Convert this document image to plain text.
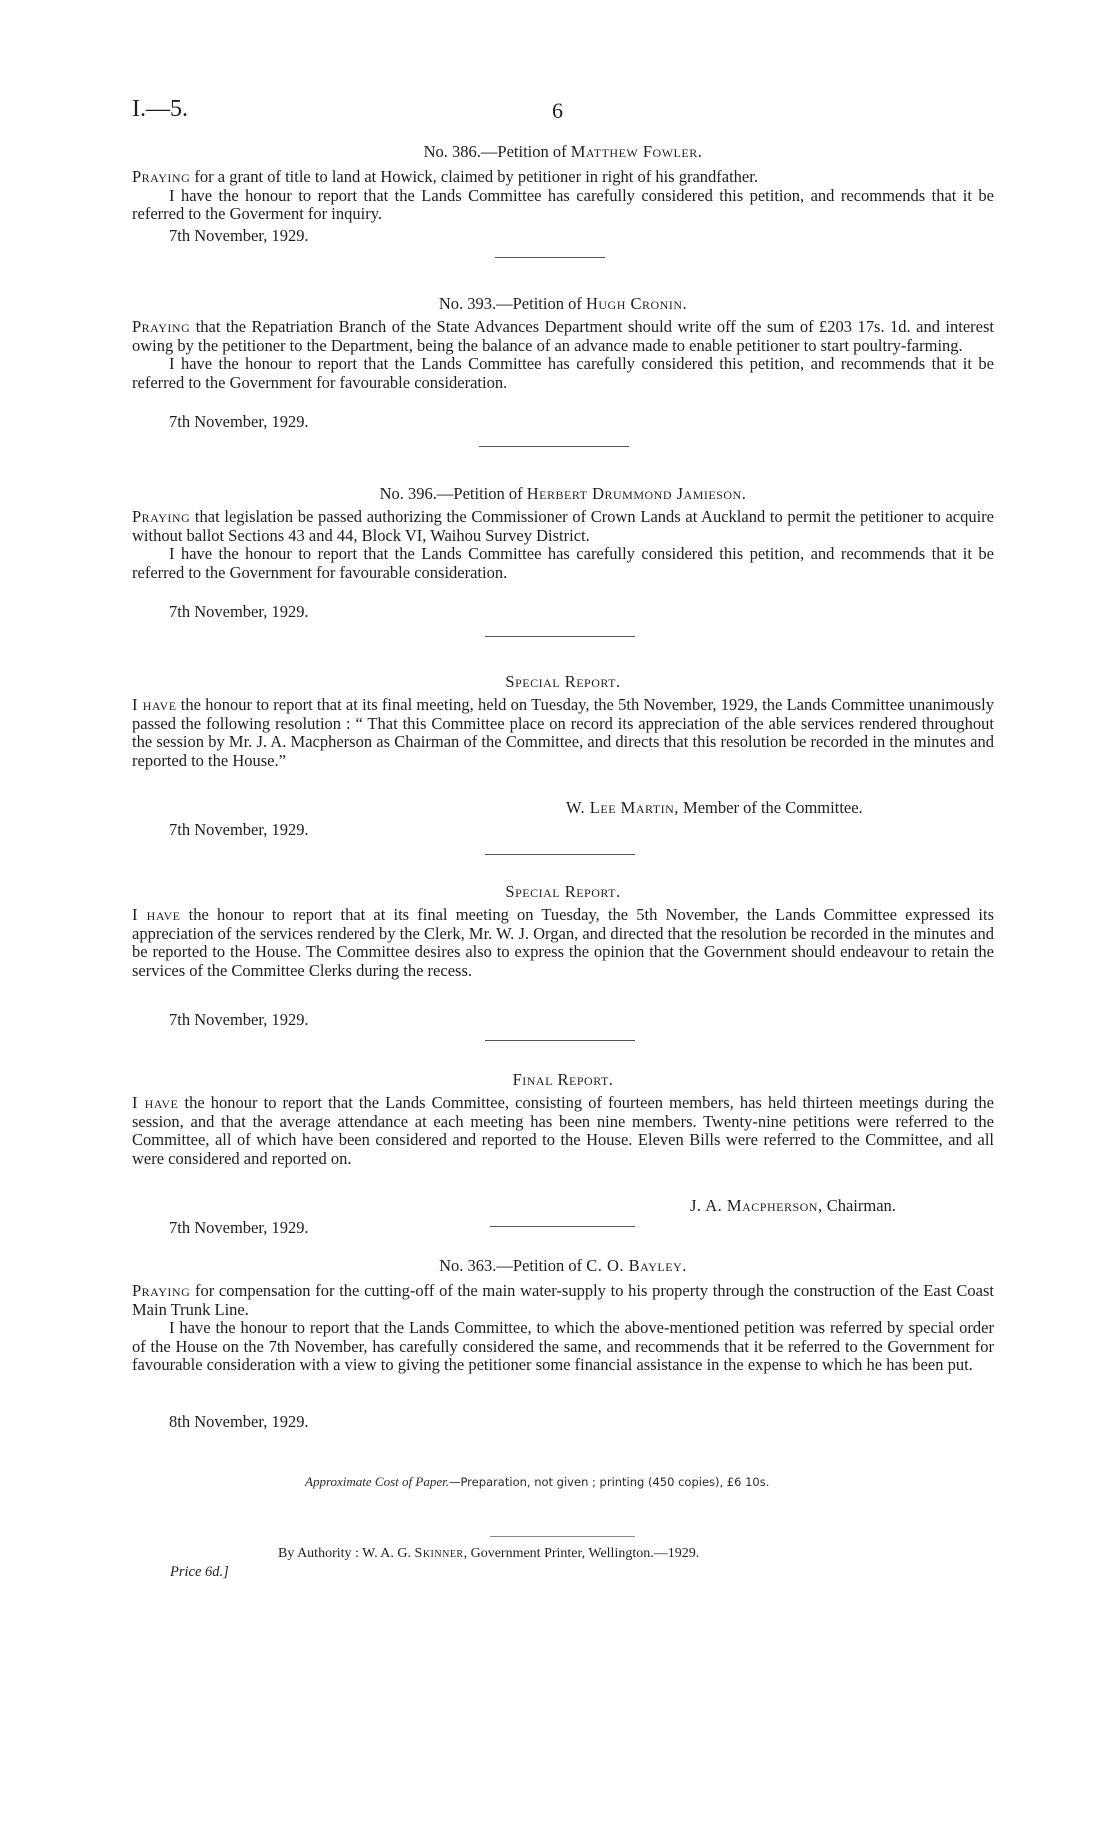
I.—5.	6
No. 386.—Petition of Matthew Fowler.

Praying for a grant of title to land at Howick, claimed by petitioner in right of his grandfather.

I have the honour to report that the Lands Committee has carefully considered this petition, and recommends that it be referred to the Goverment for inquiry.

7th November, 1929.
No. 393.—Petition of Hugh Cronin.

Praying that the Repatriation Branch of the State Advances Department should write off the sum of £203 17s. 1d. and interest owing by the petitioner to the Department, being the balance of an advance made to enable petitioner to start poultry-farming.

I have the honour to report that the Lands Committee has carefully considered this petition, and recommends that it be referred to the Government for favourable consideration.

7th November, 1929.
No. 396.—Petition of Herbert Drummond Jamieson.

Praying that legislation be passed authorizing the Commissioner of Crown Lands at Auckland to permit the petitioner to acquire without ballot Sections 43 and 44, Block VI, Waihou Survey District.

I have the honour to report that the Lands Committee has carefully considered this petition, and recommends that it be referred to the Government for favourable consideration.

7th November, 1929.
Special Report.

I have the honour to report that at its final meeting, held on Tuesday, the 5th November, 1929, the Lands Committee unanimously passed the following resolution : “ That this Committee place on record its appreciation of the able services rendered throughout the session by Mr. J. A. Macpherson as Chairman of the Committee, and directs that this resolution be recorded in the minutes and reported to the House.”

W. Lee Martin, Member of the Committee.
7th November, 1929.
Special Report.

I have the honour to report that at its final meeting on Tuesday, the 5th November, the Lands Committee expressed its appreciation of the services rendered by the Clerk, Mr. W. J. Organ, and directed that the resolution be recorded in the minutes and be reported to the House. The Committee desires also to express the opinion that the Government should endeavour to retain the services of the Committee Clerks during the recess.

7th November, 1929.
Final Report.

I have the honour to report that the Lands Committee, consisting of fourteen members, has held thirteen meetings during the session, and that the average attendance at each meeting has been nine members. Twenty-nine petitions were referred to the Committee, all of which have been considered and reported to the House. Eleven Bills were referred to the Committee, and all were considered and reported on.

J. A. Macpherson, Chairman.
7th November, 1929.
No. 363.—Petition of C. O. Bayley.

Praying for compensation for the cutting-off of the main water-supply to his property through the construction of the East Coast Main Trunk Line.

I have the honour to report that the Lands Committee, to which the above-mentioned petition was referred by special order of the House on the 7th November, has carefully considered the same, and recommends that it be referred to the Government for favourable consideration with a view to giving the petitioner some financial assistance in the expense to which he has been put.

8th November, 1929.
Approximate Cost of Paper.—Preparation, not given ; printing (450 copies), £6 10s.
By Authority : W. A. G. Skinner, Government Printer, Wellington.—1929.
Price 6d.]
